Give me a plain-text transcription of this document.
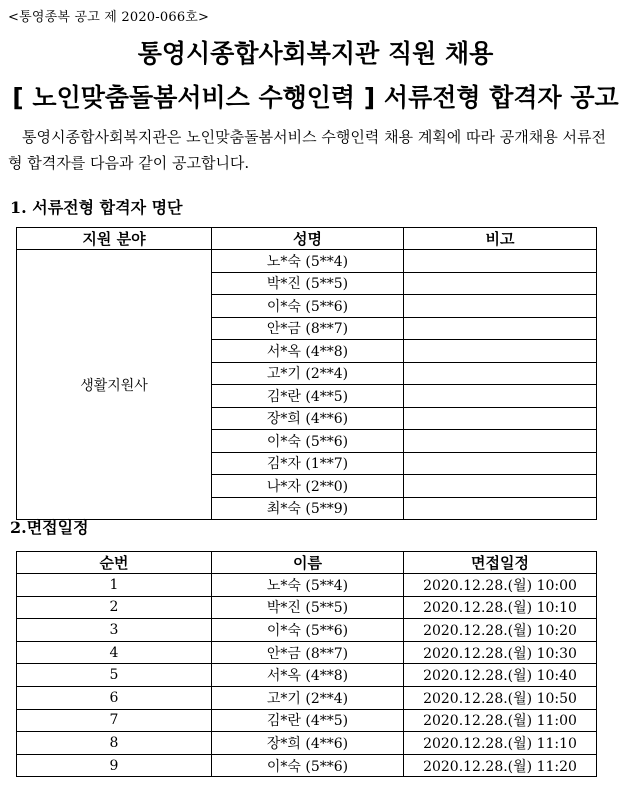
<통영종복 공고 제 2020-066호>
통영시종합사회복지관 직원 채용
[ 노인맞춤돌봄서비스 수행인력 ] 서류전형 합격자 공고
통영시종합사회복지관은 노인맞춤돌봄서비스 수행인력 채용 계획에 따라 공개채용 서류전형 합격자를 다음과 같이 공고합니다.
1. 서류전형 합격자 명단
지원 분야	성명	비고
생활지원사	노*숙 (5**4)	
	박*진 (5**5)	
	이*숙 (5**6)	
	안*금 (8**7)	
	서*옥 (4**8)	
	고*기 (2**4)	
	김*란 (4**5)	
	장*희 (4**6)	
	이*숙 (5**6)	
	김*자 (1**7)	
	나*자 (2**0)	
	최*숙 (5**9)	
2.면접일정
순번	이름	면접일정
1	노*숙 (5**4)	2020.12.28.(월) 10:00
2	박*진 (5**5)	2020.12.28.(월) 10:10
3	이*숙 (5**6)	2020.12.28.(월) 10:20
4	안*금 (8**7)	2020.12.28.(월) 10:30
5	서*옥 (4**8)	2020.12.28.(월) 10:40
6	고*기 (2**4)	2020.12.28.(월) 10:50
7	김*란 (4**5)	2020.12.28.(월) 11:00
8	장*희 (4**6)	2020.12.28.(월) 11:10
9	이*숙 (5**6)	2020.12.28.(월) 11:20
